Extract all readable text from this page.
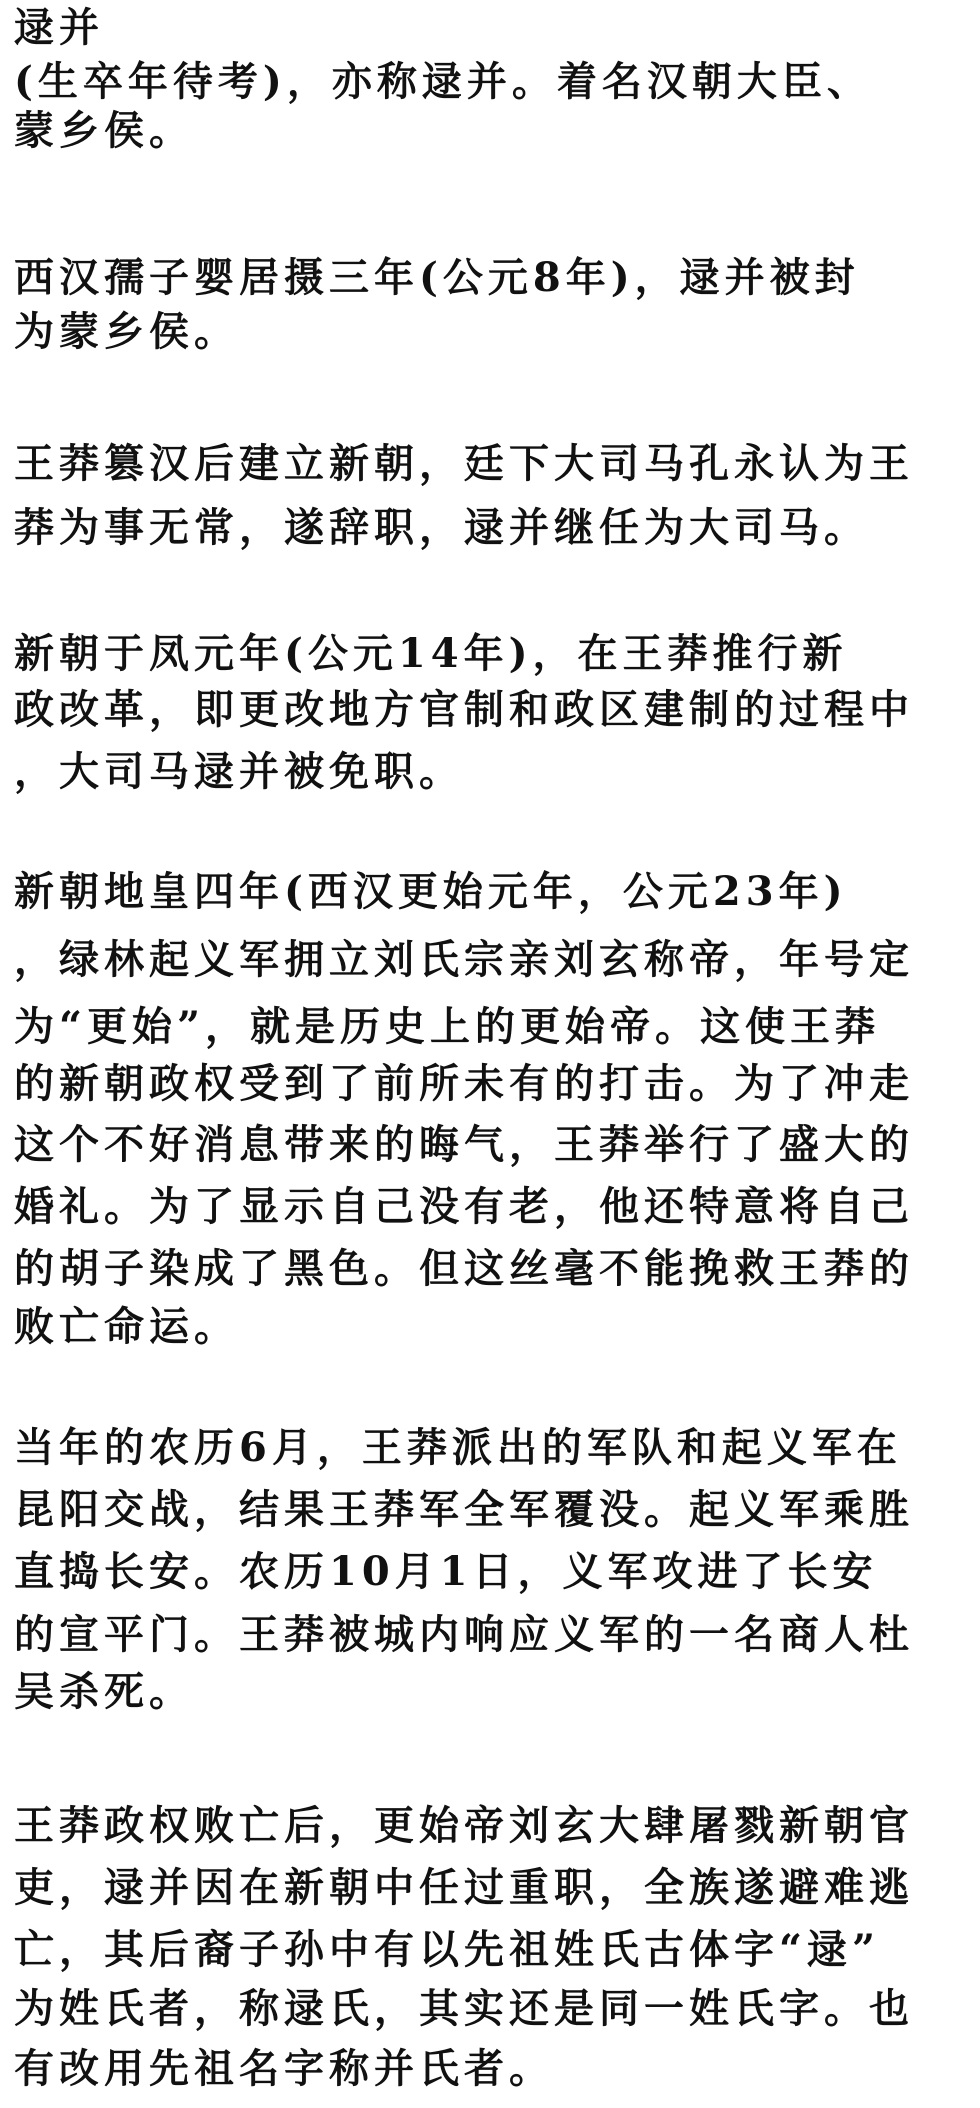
逯并
(生卒年待考)，亦称逯并。着名汉朝大臣、
蒙乡侯。
西汉孺子婴居摄三年(公元8年)，逯并被封
为蒙乡侯。
王莽篡汉后建立新朝，廷下大司马孔永认为王
莽为事无常，遂辞职，逯并继任为大司马。
新朝于凤元年(公元14年)，在王莽推行新
政改革，即更改地方官制和政区建制的过程中
，大司马逯并被免职。
新朝地皇四年(西汉更始元年，公元23年)
，绿林起义军拥立刘氏宗亲刘玄称帝，年号定
为“更始”，就是历史上的更始帝。这使王莽
的新朝政权受到了前所未有的打击。为了冲走
这个不好消息带来的晦气，王莽举行了盛大的
婚礼。为了显示自己没有老，他还特意将自己
的胡子染成了黑色。但这丝毫不能挽救王莽的
败亡命运。
当年的农历6月，王莽派出的军队和起义军在
昆阳交战，结果王莽军全军覆没。起义军乘胜
直捣长安。农历10月1日，义军攻进了长安
的宣平门。王莽被城内响应义军的一名商人杜
吴杀死。
王莽政权败亡后，更始帝刘玄大肆屠戮新朝官
吏，逯并因在新朝中任过重职，全族遂避难逃
亡，其后裔子孙中有以先祖姓氏古体字“逯”
为姓氏者，称逯氏，其实还是同一姓氏字。也
有改用先祖名字称并氏者。
